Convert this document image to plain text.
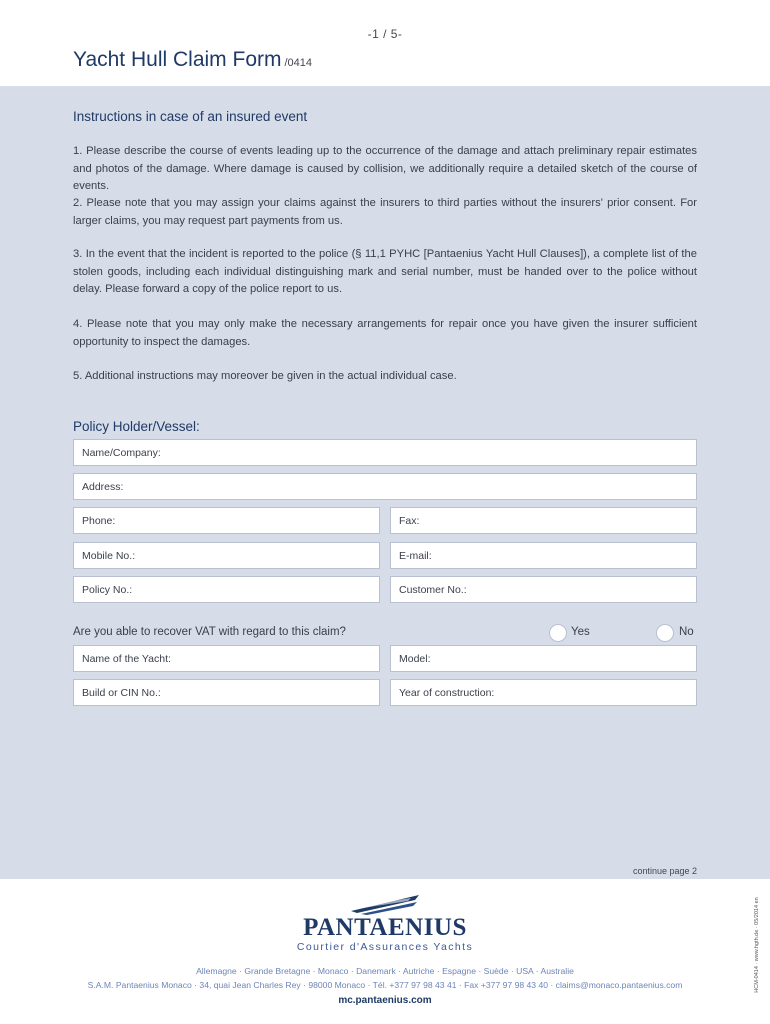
-1 / 5-
Yacht Hull Claim Form /0414
Instructions in case of an insured event
1. Please describe the course of events leading up to the occurrence of the damage and attach preliminary repair estimates and photos of the damage. Where damage is caused by collision, we additionally require a detailed sketch of the course of events.
2. Please note that you may assign your claims against the insurers to third parties without the insurers' prior consent. For larger claims, you may request part payments from us.
3. In the event that the incident is reported to the police (§ 11,1 PYHC [Pantaenius Yacht Hull Clauses]), a complete list of the stolen goods, including each individual distinguishing mark and serial number, must be handed over to the police without delay. Please forward a copy of the police report to us.
4. Please note that you may only make the necessary arrangements for repair once you have given the insurer sufficient opportunity to inspect the damages.
5. Additional instructions may moreover be given in the actual individual case.
Policy Holder/Vessel:
Name/Company:
Address:
Phone:	Fax:
Mobile No.:	E-mail:
Policy No.:	Customer No.:
Are you able to recover VAT with regard to this claim?	Yes	No
Name of the Yacht:	Model:
Build or CIN No.:	Year of construction:
continue page 2
PANTAENIUS
Courtier d'Assurances Yachts
Allemagne · Grande Bretagne · Monaco · Danemark · Autriche · Espagne · Suède · USA · Australie
S.A.M. Pantaenius Monaco · 34, quai Jean Charles Rey · 98000 Monaco · Tél. +377 97 98 43 41 · Fax +377 97 98 43 40 · claims@monaco.pantaenius.com
mc.pantaenius.com
HCM-0414 · www.hgth.de · 05/2014 en
